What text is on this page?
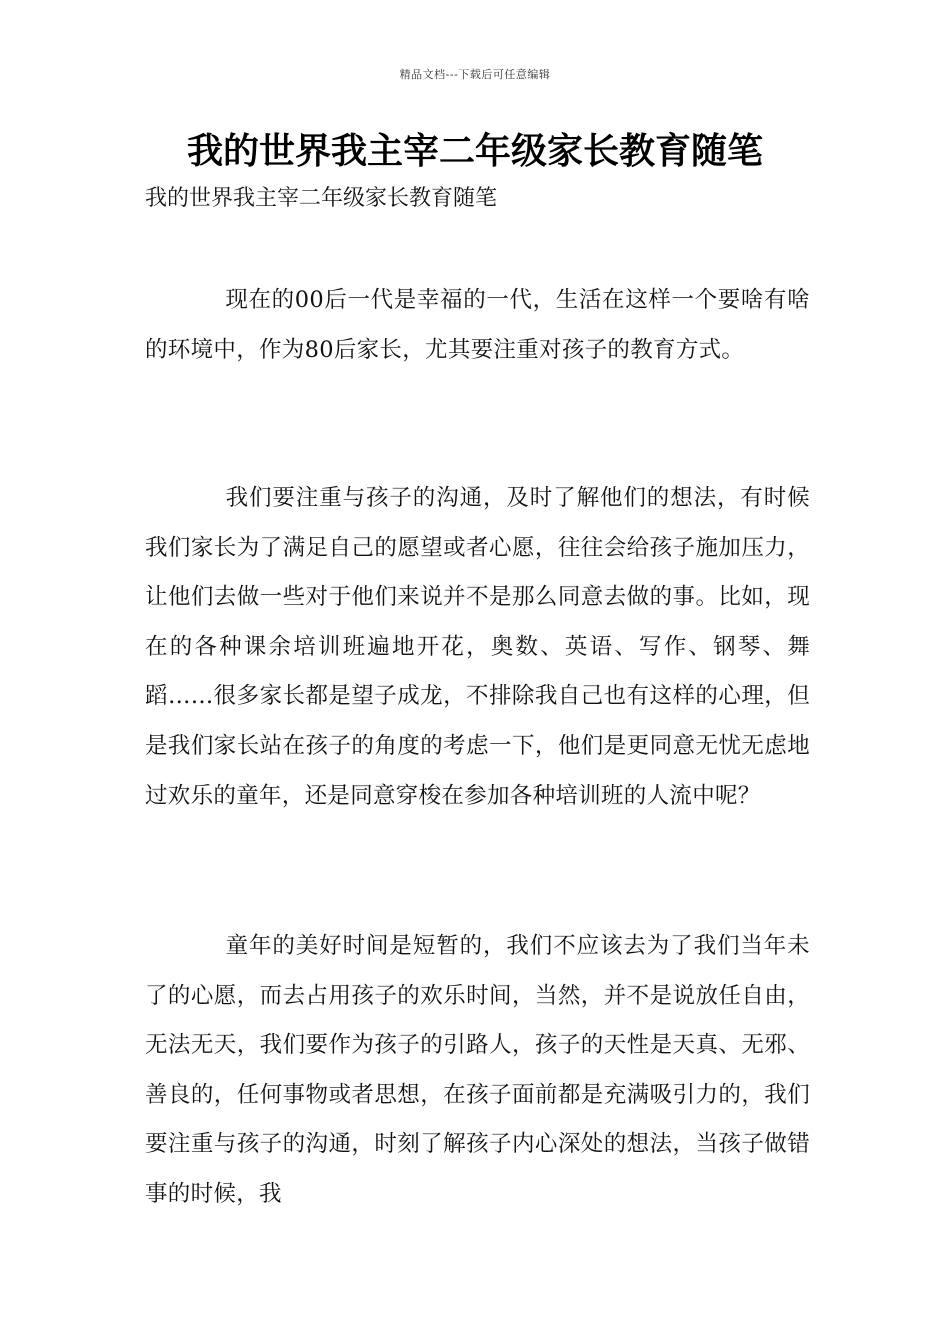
精品文档---下载后可任意编辑
我的世界我主宰二年级家长教育随笔
我的世界我主宰二年级家长教育随笔

现在的00后一代是幸福的一代，生活在这样一个要啥有啥的环境中，作为80后家长，尤其要注重对孩子的教育方式。

我们要注重与孩子的沟通，及时了解他们的想法，有时候我们家长为了满足自己的愿望或者心愿，往往会给孩子施加压力，让他们去做一些对于他们来说并不是那么同意去做的事。比如，现在的各种课余培训班遍地开花，奥数、英语、写作、钢琴、舞蹈……很多家长都是望子成龙，不排除我自己也有这样的心理，但是我们家长站在孩子的角度的考虑一下，他们是更同意无忧无虑地过欢乐的童年，还是同意穿梭在参加各种培训班的人流中呢？

童年的美好时间是短暂的，我们不应该去为了我们当年未了的心愿，而去占用孩子的欢乐时间，当然，并不是说放任自由，无法无天，我们要作为孩子的引路人，孩子的天性是天真、无邪、善良的，任何事物或者思想，在孩子面前都是充满吸引力的，我们要注重与孩子的沟通，时刻了解孩子内心深处的想法，当孩子做错事的时候，我
